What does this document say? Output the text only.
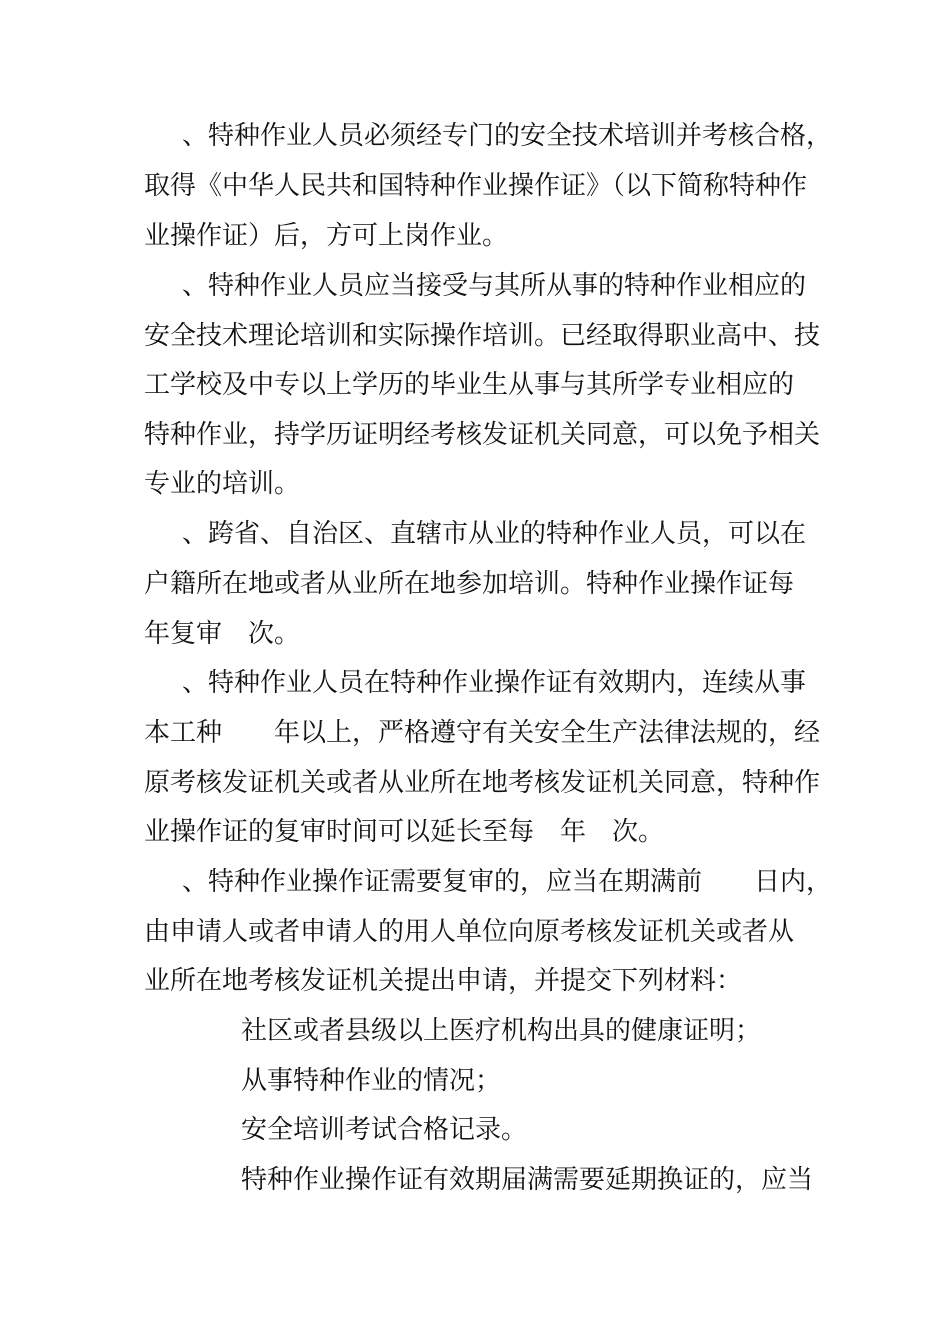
、特种作业人员必须经专门的安全技术培训并考核合格，
取得《中华人民共和国特种作业操作证》（以下简称特种作
业操作证）后，方可上岗作业。
、特种作业人员应当接受与其所从事的特种作业相应的
安全技术理论培训和实际操作培训。已经取得职业高中、技
工学校及中专以上学历的毕业生从事与其所学专业相应的
特种作业，持学历证明经考核发证机关同意，可以免予相关
专业的培训。
、跨省、自治区、直辖市从业的特种作业人员，可以在
户籍所在地或者从业所在地参加培训。特种作业操作证每
年复审　次。
、特种作业人员在特种作业操作证有效期内，连续从事
本工种　　年以上，严格遵守有关安全生产法律法规的，经
原考核发证机关或者从业所在地考核发证机关同意，特种作
业操作证的复审时间可以延长至每　年　次。
、特种作业操作证需要复审的，应当在期满前　　日内，
由申请人或者申请人的用人单位向原考核发证机关或者从
业所在地考核发证机关提出申请，并提交下列材料：
社区或者县级以上医疗机构出具的健康证明；
从事特种作业的情况；
安全培训考试合格记录。
特种作业操作证有效期届满需要延期换证的，应当
